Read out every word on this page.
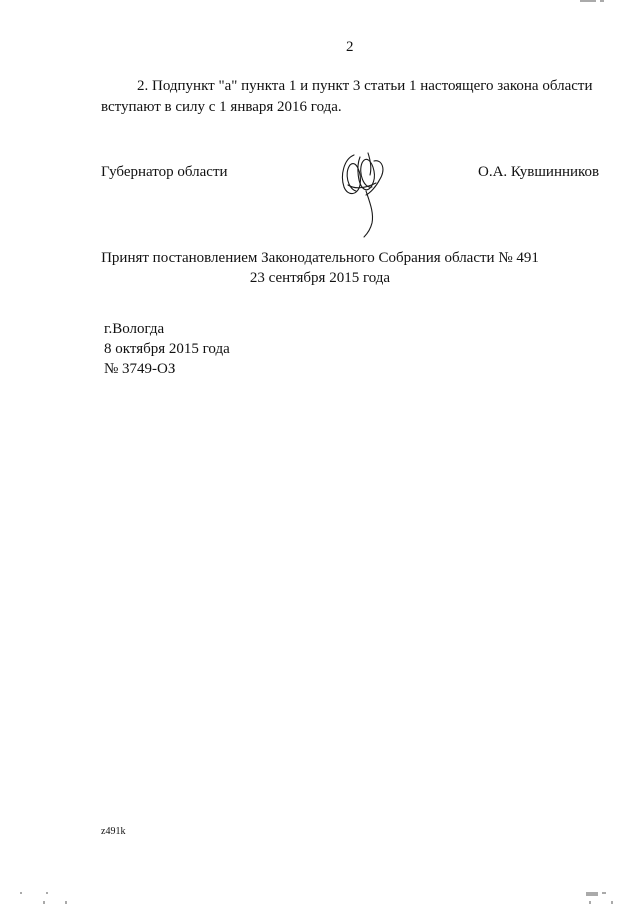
2
2. Подпункт "а" пункта 1 и пункт 3 статьи 1 настоящего закона области
вступают в силу с 1 января 2016 года.
Губернатор области	О.А. Кувшинников
Принят постановлением Законодательного Собрания области № 491
23 сентября 2015 года
г.Вологда
8 октября 2015 года
№ 3749-ОЗ
z491k
